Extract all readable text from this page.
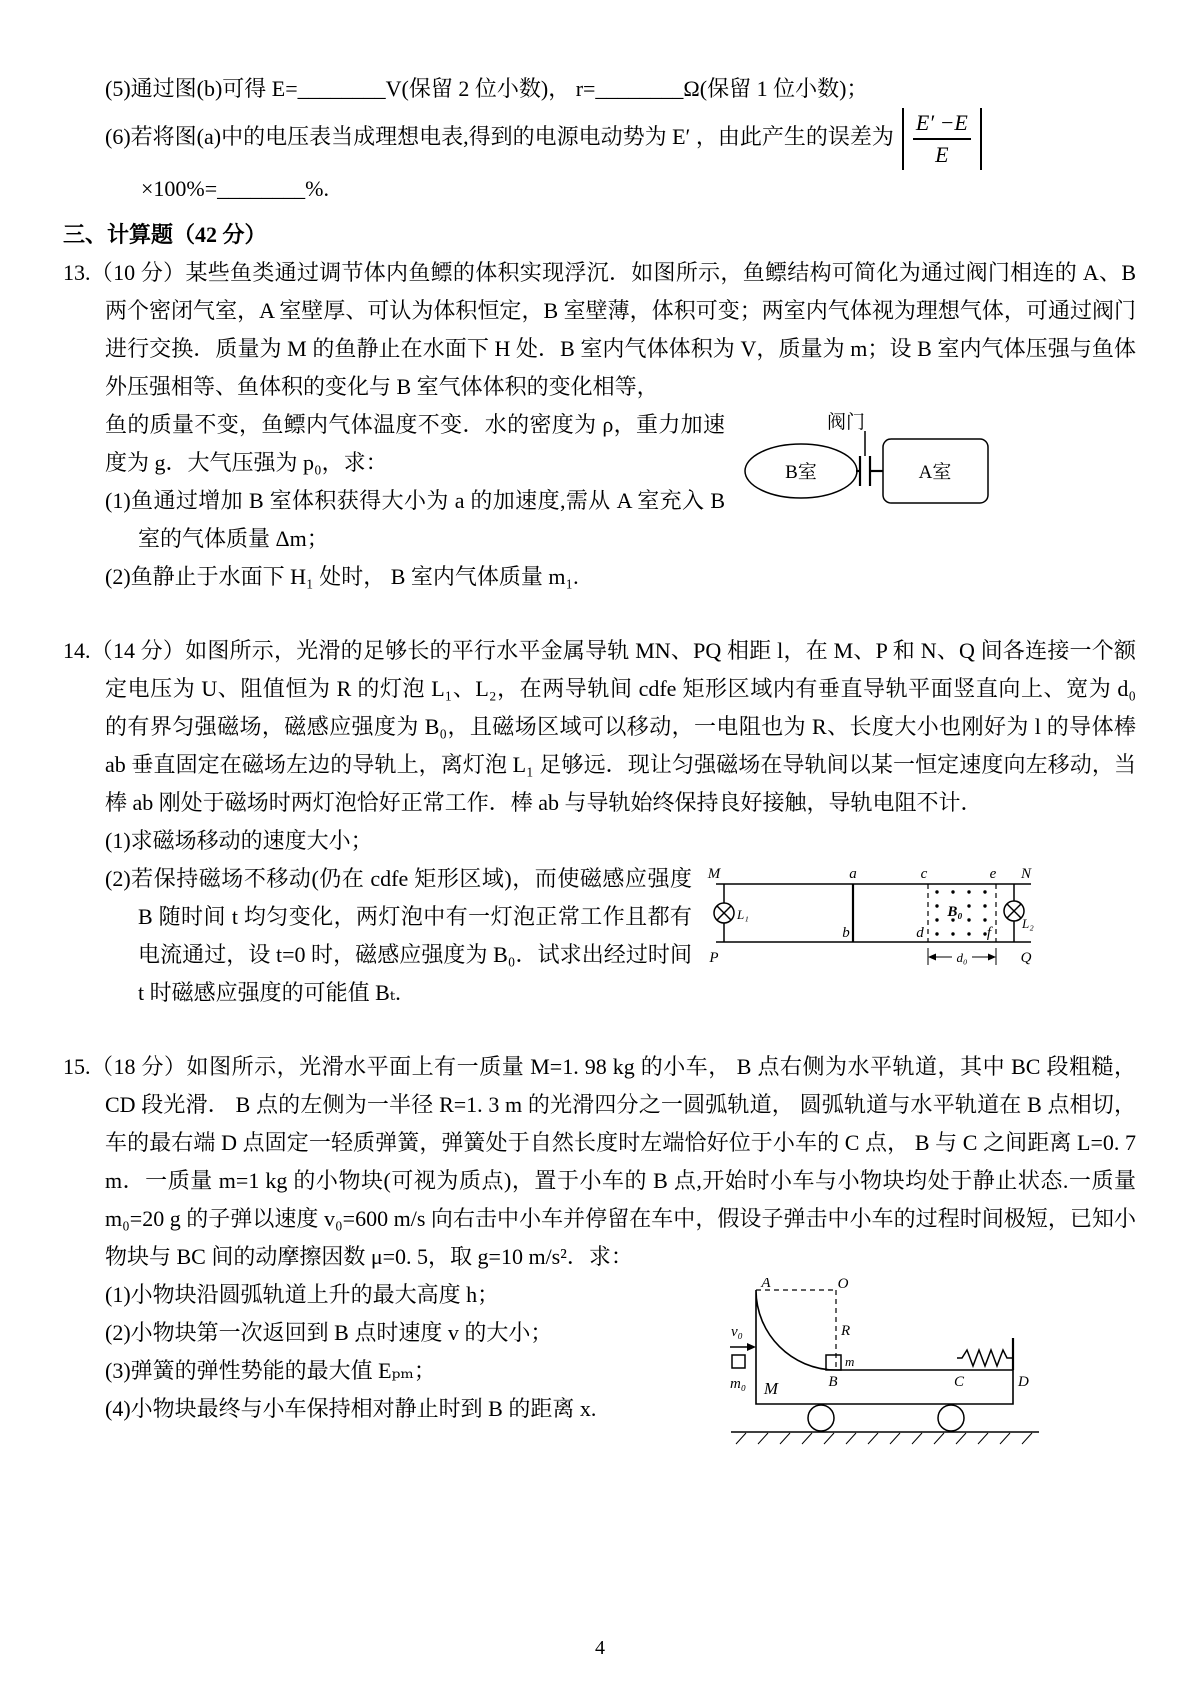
(5)通过图(b)可得 E=________V(保留 2 位小数)， r=________Ω(保留 1 位小数)；

(6)若将图(a)中的电压表当成理想电表,得到的电源电动势为 E′ ，由此产生的误差为 $\frac{E' -E}{E}$

×100%=________%.

三、计算题（42 分）

13.（10 分）某些鱼类通过调节体内鱼鳔的体积实现浮沉．如图所示，鱼鳔结构可简化为通过阀门相连的 A、B 两个密闭气室，A 室壁厚、可认为体积恒定，B 室壁薄，体积可变；两室内气体视为理想气体，可通过阀门进行交换．质量为 M 的鱼静止在水面下 H 处．B 室内气体体积为 V，质量为 m；设 B 室内气体压强与鱼体外压强相等、鱼体积的变化与 B 室气体体积的变化相等，

阀门
B室	A室

鱼的质量不变，鱼鳔内气体温度不变．水的密度为 ρ，重力加速度为 g．大气压强为 p₀，求：

(1)鱼通过增加 B 室体积获得大小为 a 的加速度,需从 A 室充入 B 室的气体质量 Δm；

(2)鱼静止于水面下 H₁ 处时， B 室内气体质量 m₁.

14.（14 分）如图所示，光滑的足够长的平行水平金属导轨 MN、PQ 相距 l，在 M、P 和 N、Q 间各连接一个额定电压为 U、阻值恒为 R 的灯泡 L₁、L₂，在两导轨间 cdfe 矩形区域内有垂直导轨平面竖直向上、宽为 d₀ 的有界匀强磁场，磁感应强度为 B₀，且磁场区域可以移动，一电阻也为 R、长度大小也刚好为 l 的导体棒 ab 垂直固定在磁场左边的导轨上，离灯泡 L₁ 足够远．现让匀强磁场在导轨间以某一恒定速度向左移动，当棒 ab 刚处于磁场时两灯泡恰好正常工作．棒 ab 与导轨始终保持良好接触，导轨电阻不计．

(1)求磁场移动的速度大小；

B₀
d₀
M	a	c	e N
b	d	f
P	Q
L₁
L₂

(2)若保持磁场不移动(仍在 cdfe 矩形区域)，而使磁感应强度 B 随时间 t 均匀变化，两灯泡中有一灯泡正常工作且都有电流通过，设 t=0 时，磁感应强度为 B₀．试求出经过时间 t 时磁感应强度的可能值 Bₜ.

15.（18 分）如图所示，光滑水平面上有一质量 M=1. 98 kg 的小车， B 点右侧为水平轨道，其中 BC 段粗糙， CD 段光滑． B 点的左侧为一半径 R=1. 3 m 的光滑四分之一圆弧轨道， 圆弧轨道与水平轨道在 B 点相切，车的最右端 D 点固定一轻质弹簧，弹簧处于自然长度时左端恰好位于小车的 C 点， B 与 C 之间距离 L=0. 7 m．一质量 m=1 kg 的小物块(可视为质点)，置于小车的 B 点,开始时小车与小物块均处于静止状态.一质量 m₀=20 g 的子弹以速度 v₀=600 m/s 向右击中小车并停留在车中，假设子弹击中小车的过程时间极短，已知小物块与 BC 间的动摩擦因数 μ=0. 5，取 g=10 m/s²．求：

A	O
R
v₀
m₀ M	B
m
C	D

(1)小物块沿圆弧轨道上升的最大高度 h；

(2)小物块第一次返回到 B 点时速度 v 的大小；

(3)弹簧的弹性势能的最大值 Eₚₘ；

(4)小物块最终与小车保持相对静止时到 B 的距离 x.

4
